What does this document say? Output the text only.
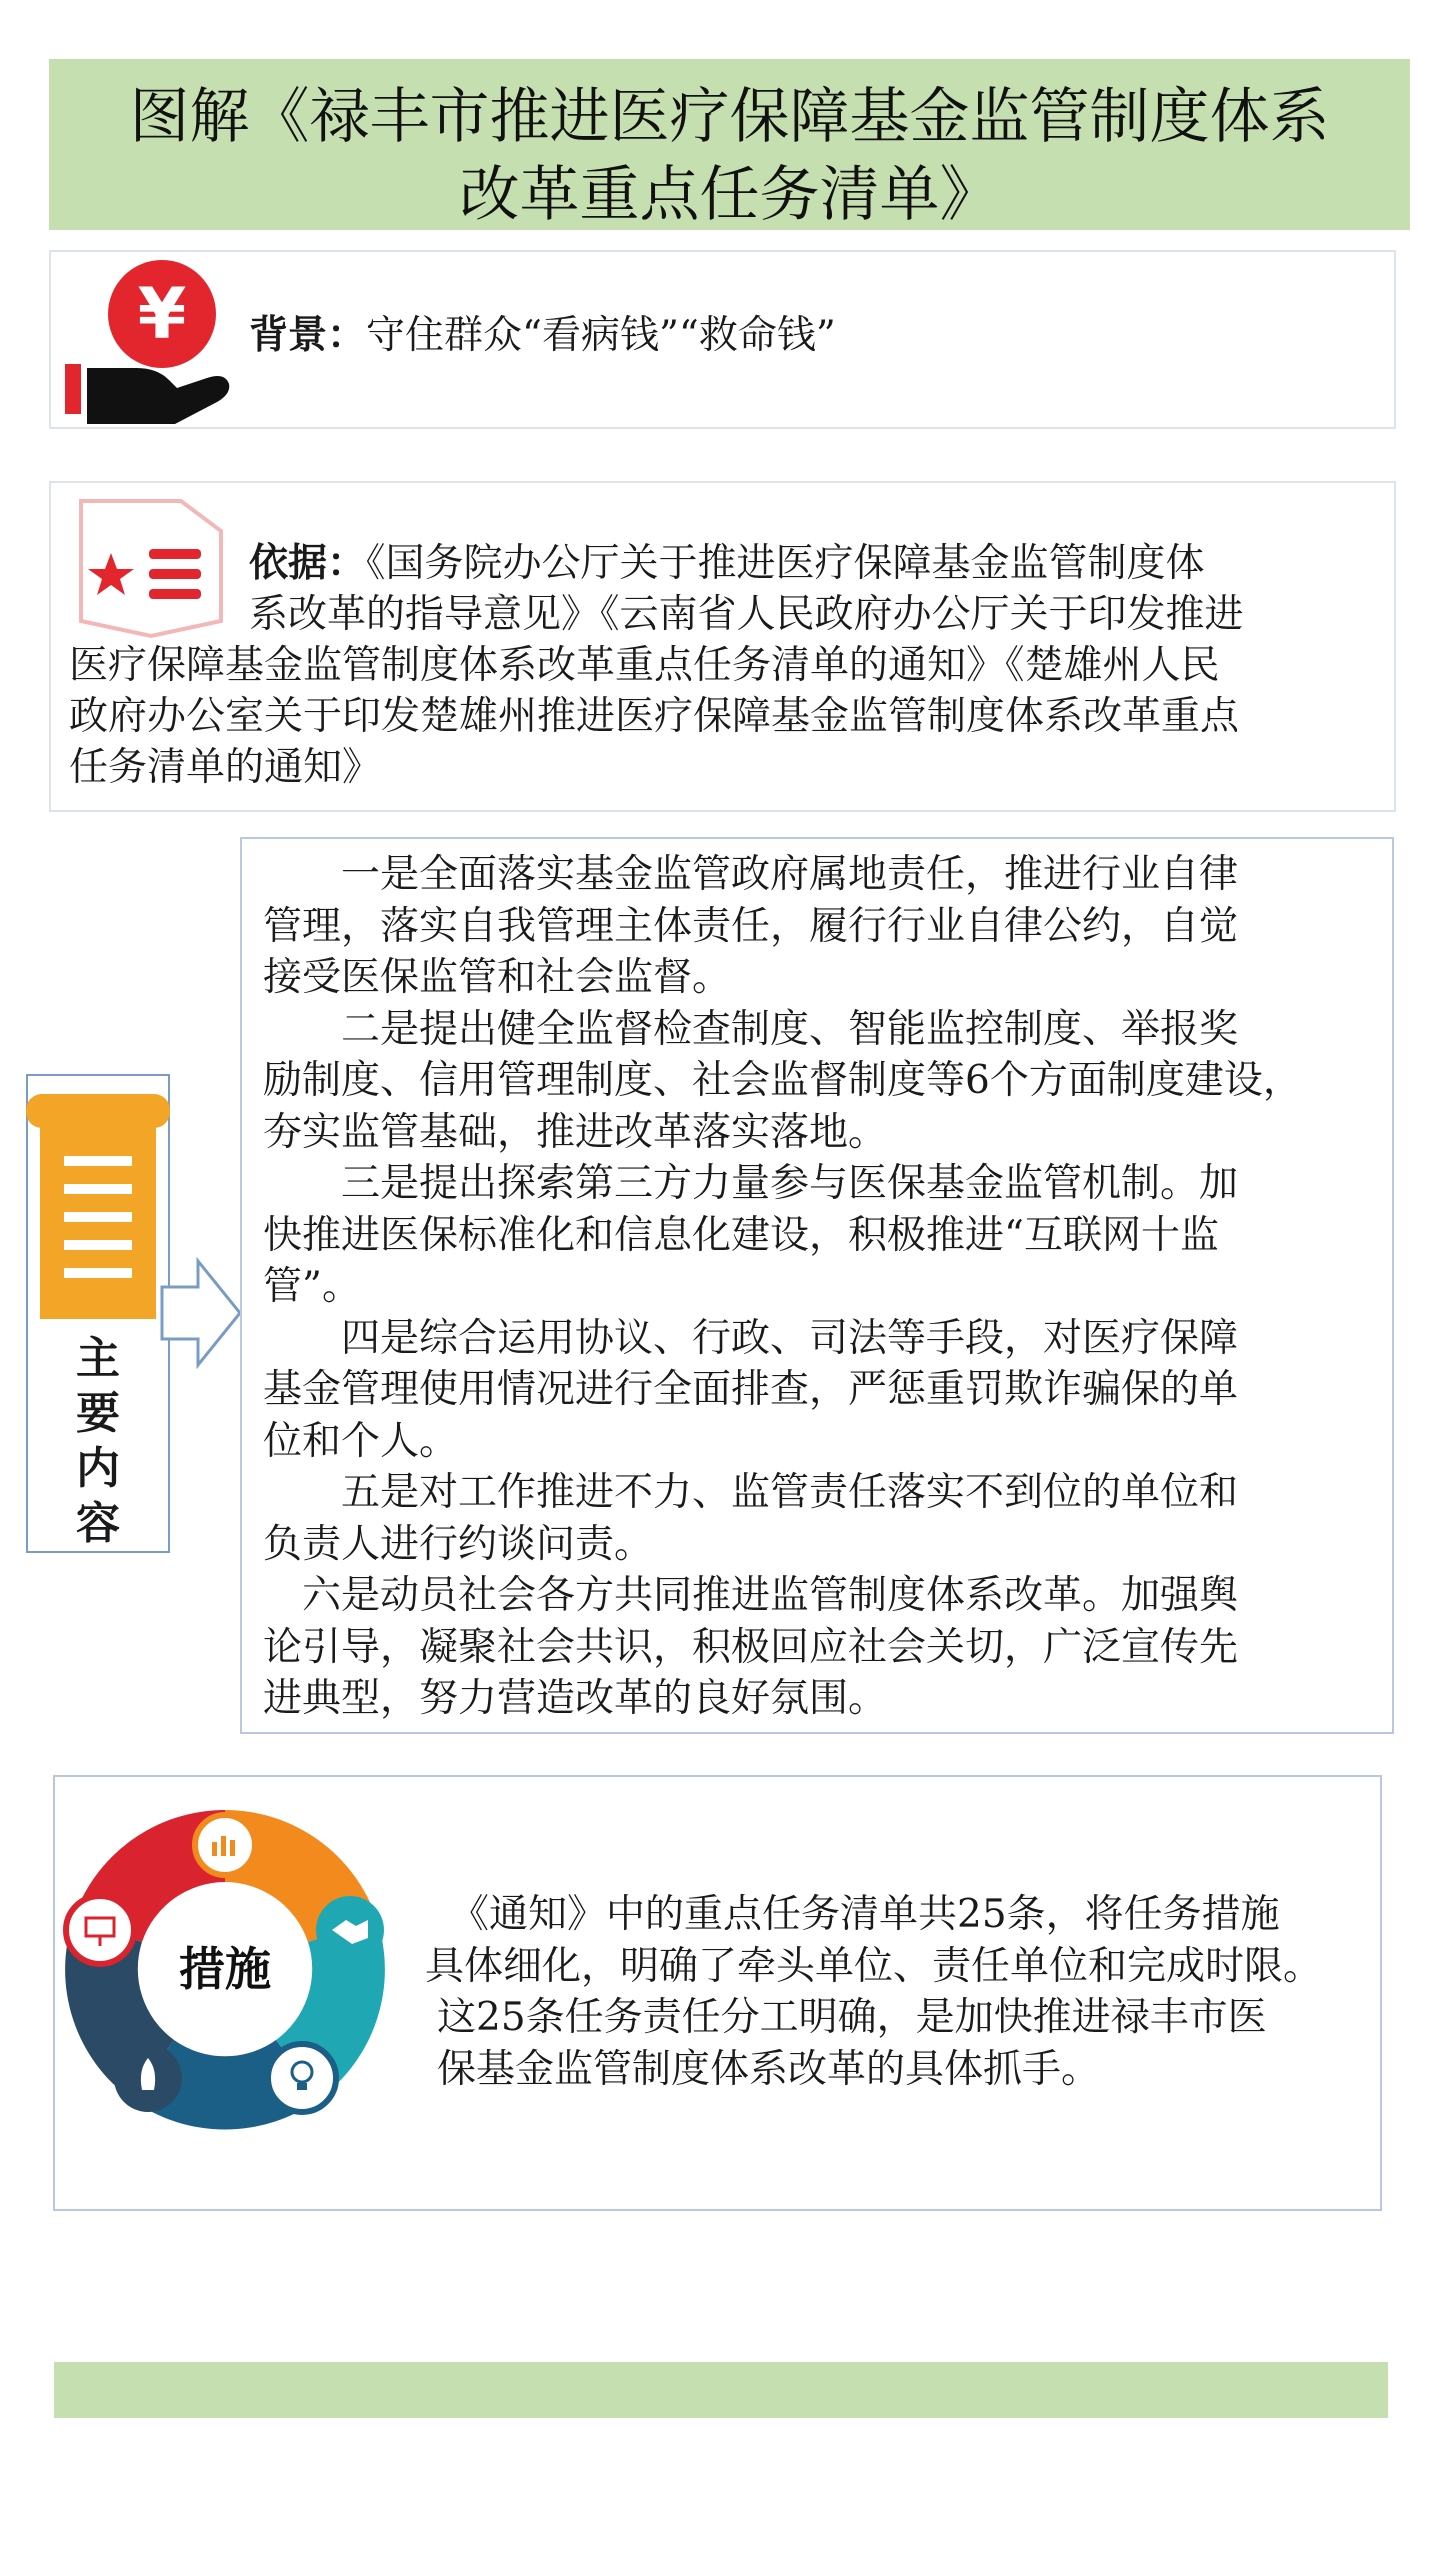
图解《禄丰市推进医疗保障基金监管制度体系
改革重点任务清单》
¥ 背景：守住群众“看病钱”“救命钱”
依据：《国务院办公厅关于推进医疗保障基金监管制度体
系改革的指导意见》《云南省人民政府办公厅关于印发推进
医疗保障基金监管制度体系改革重点任务清单的通知》《楚雄州人民
政府办公室关于印发楚雄州推进医疗保障基金监管制度体系改革重点
任务清单的通知》
主
要
内
容
　　一是全面落实基金监管政府属地责任，推进行业自律
管理，落实自我管理主体责任，履行行业自律公约，自觉
接受医保监管和社会监督。
　　二是提出健全监督检查制度、智能监控制度、举报奖
励制度、信用管理制度、社会监督制度等6个方面制度建设，
夯实监管基础，推进改革落实落地。
　　三是提出探索第三方力量参与医保基金监管机制。加
快推进医保标准化和信息化建设，积极推进“互联网十监
管”。
　　四是综合运用协议、行政、司法等手段，对医疗保障
基金管理使用情况进行全面排查，严惩重罚欺诈骗保的单
位和个人。
　　五是对工作推进不力、监管责任落实不到位的单位和
负责人进行约谈问责。
　六是动员社会各方共同推进监管制度体系改革。加强舆
论引导，凝聚社会共识，积极回应社会关切，广泛宣传先
进典型，努力营造改革的良好氛围。
措施
《通知》中的重点任务清单共25条，将任务措施
具体细化，明确了牵头单位、责任单位和完成时限。
这25条任务责任分工明确，是加快推进禄丰市医
保基金监管制度体系改革的具体抓手。
